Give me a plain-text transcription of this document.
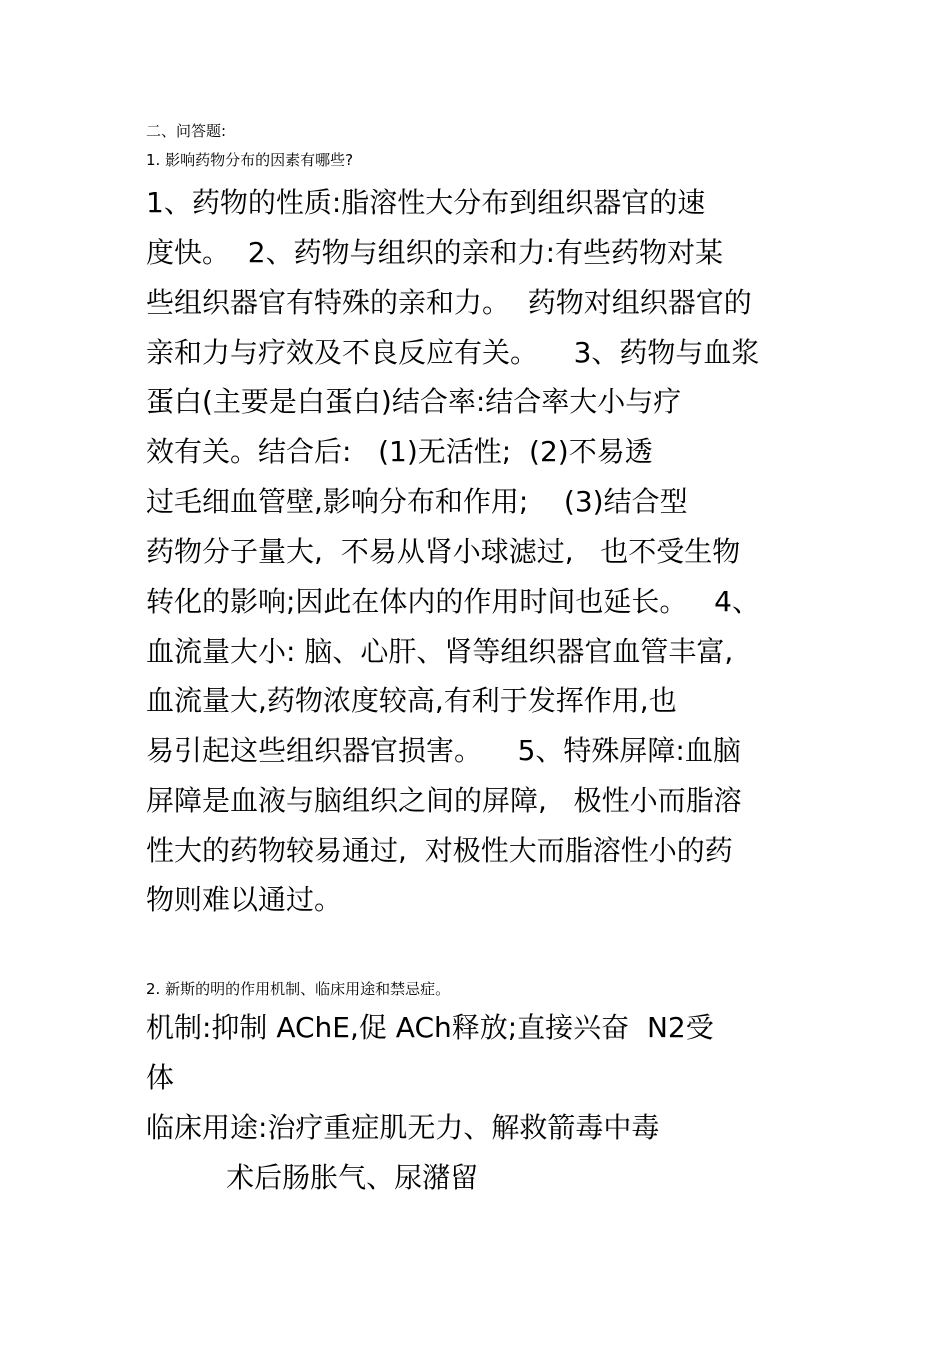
二、问答题:
1. 影响药物分布的因素有哪些?
1、药物的性质:脂溶性大分布到组织器官的速
度快。  2、药物与组织的亲和力:有些药物对某
些组织器官有特殊的亲和力。  药物对组织器官的
亲和力与疗效及不良反应有关。    3、药物与血浆
蛋白(主要是白蛋白)结合率:结合率大小与疗
效有关。结合后:   (1)无活性;  (2)不易透
过毛细血管壁,影响分布和作用;    (3)结合型
药物分子量大,  不易从肾小球滤过,   也不受生物
转化的影响;因此在体内的作用时间也延长。   4、
血流量大小: 脑、心肝、肾等组织器官血管丰富,
血流量大,药物浓度较高,有利于发挥作用,也
易引起这些组织器官损害。    5、特殊屏障:血脑
屏障是血液与脑组织之间的屏障,   极性小而脂溶
性大的药物较易通过,  对极性大而脂溶性小的药
物则难以通过。
2. 新斯的明的作用机制、临床用途和禁忌症。
机制:抑制 AChE,促 ACh释放;直接兴奋  N2受
体
临床用途:治疗重症肌无力、解救箭毒中毒
术后肠胀气、尿潴留
